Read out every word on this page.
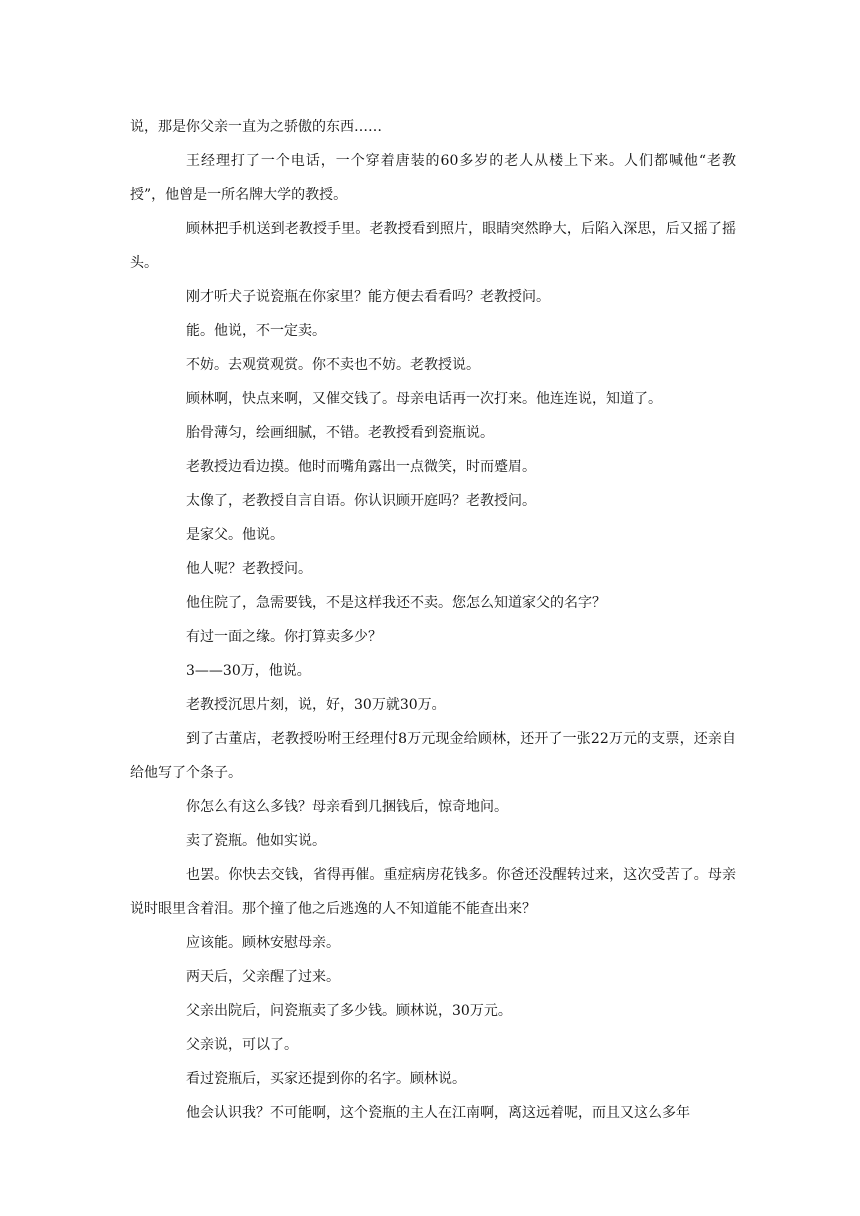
说，那是你父亲一直为之骄傲的东西……

王经理打了一个电话，一个穿着唐装的60多岁的老人从楼上下来。人们都喊他“老教授”，他曾是一所名牌大学的教授。

顾林把手机送到老教授手里。老教授看到照片，眼睛突然睁大，后陷入深思，后又摇了摇头。

刚才听犬子说瓷瓶在你家里？能方便去看看吗？老教授问。

能。他说，不一定卖。

不妨。去观赏观赏。你不卖也不妨。老教授说。

顾林啊，快点来啊，又催交钱了。母亲电话再一次打来。他连连说，知道了。

胎骨薄匀，绘画细腻，不错。老教授看到瓷瓶说。

老教授边看边摸。他时而嘴角露出一点微笑，时而蹙眉。

太像了，老教授自言自语。你认识顾开庭吗？老教授问。

是家父。他说。

他人呢？老教授问。

他住院了，急需要钱，不是这样我还不卖。您怎么知道家父的名字？

有过一面之缘。你打算卖多少？

3——30万，他说。

老教授沉思片刻，说，好，30万就30万。

到了古董店，老教授吩咐王经理付8万元现金给顾林，还开了一张22万元的支票，还亲自给他写了个条子。

你怎么有这么多钱？母亲看到几捆钱后，惊奇地问。

卖了瓷瓶。他如实说。

也罢。你快去交钱，省得再催。重症病房花钱多。你爸还没醒转过来，这次受苦了。母亲说时眼里含着泪。那个撞了他之后逃逸的人不知道能不能查出来？

应该能。顾林安慰母亲。

两天后，父亲醒了过来。

父亲出院后，问瓷瓶卖了多少钱。顾林说，30万元。

父亲说，可以了。

看过瓷瓶后，买家还提到你的名字。顾林说。

他会认识我？不可能啊，这个瓷瓶的主人在江南啊，离这远着呢，而且又这么多年
